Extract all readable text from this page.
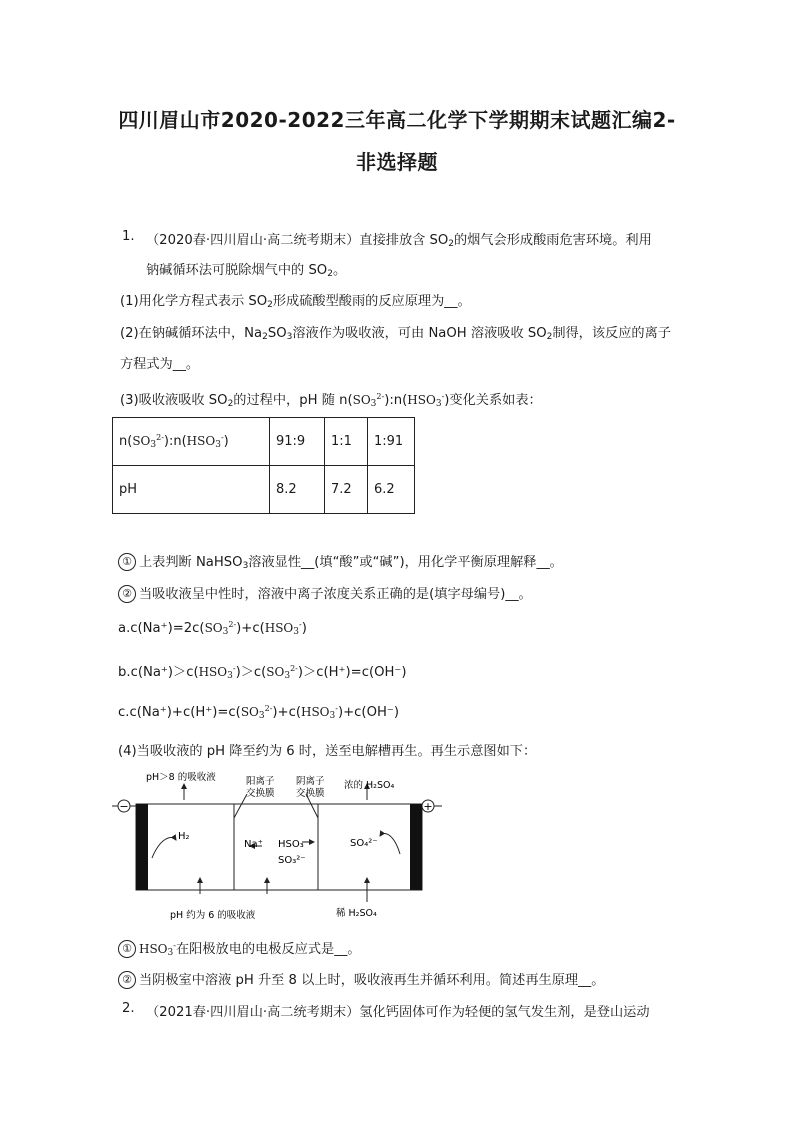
四川眉山市2020-2022三年高二化学下学期期末试题汇编2-
非选择题
1. （2020春·四川眉山·高二统考期末）直接排放含 $SO_2$的烟气会形成酸雨危害环境。利用
钠碱循环法可脱除烟气中的 $SO_2$。
(1)用化学方程式表示 $SO_2$形成硫酸型酸雨的反应原理为__。
(2)在钠碱循环法中，$Na_2SO_3$溶液作为吸收液，可由 NaOH 溶液吸收 $SO_2$制得，该反应的离子
方程式为__。
(3)吸收液吸收 $SO_2$的过程中，pH 随 $n(SO_3^{2-}):n(HSO_3^-)$变化关系如表：
$n(SO_3^{2-}):n(HSO_3^-)$	91:9	1:1	1:91
pH	8.2	7.2	6.2
① 上表判断 NaHSO$_3$溶液显性__(填“酸”或“碱”)，用化学平衡原理解释__。
② 当吸收液呈中性时，溶液中离子浓度关系正确的是(填字母编号)__。
$a.c(Na^+)=2c(SO_3^{2-})+c(HSO_3^-)$
$b.c(Na^+)>c(HSO_3^-)>c(SO_3^{2-})>c(H^+)=c(OH^-)$
$c.c(Na^+)+c(H^+)=c(SO_3^{2-})+c(HSO_3^-)+c(OH^-)$
(4)当吸收液的 pH 降至约为 6 时，送至电解槽再生。再生示意图如下：
−	+
pH＞8 的吸收液	阳离子
交换膜
阴离子
交换膜
浓的 H₂SO₄
H₂
Na⁺ HSO₃⁻
SO₃²⁻
SO₄²⁻
pH 约为 6 的吸收液	稀 H₂SO₄
① $HSO_3^-$在阳极放电的电极反应式是__。
② 当阴极室中溶液 pH 升至 8 以上时，吸收液再生并循环利用。简述再生原理__。
2. （2021春·四川眉山·高二统考期末）氢化钙固体可作为轻便的氢气发生剂，是登山运动
